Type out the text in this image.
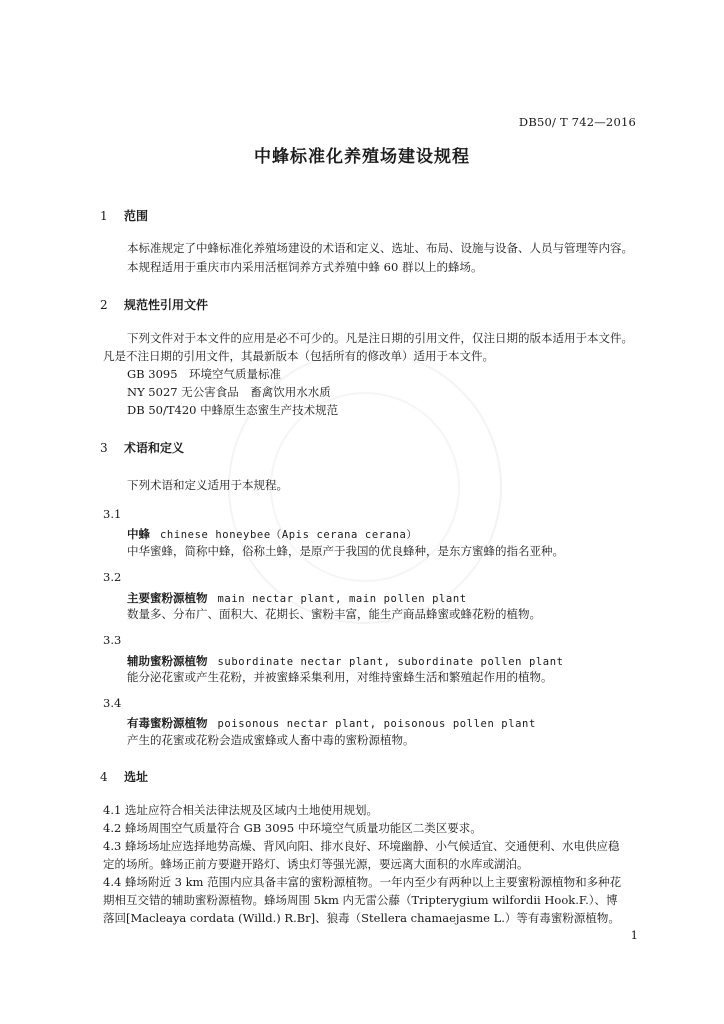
DB50/ T 742—2016
中蜂标准化养殖场建设规程
1 范围
本标准规定了中蜂标准化养殖场建设的术语和定义、选址、布局、设施与设备、人员与管理等内容。
本规程适用于重庆市内采用活框饲养方式养殖中蜂 60 群以上的蜂场。
2 规范性引用文件
下列文件对于本文件的应用是必不可少的。凡是注日期的引用文件，仅注日期的版本适用于本文件。
凡是不注日期的引用文件，其最新版本（包括所有的修改单）适用于本文件。
GB 3095　环境空气质量标准
NY 5027 无公害食品　畜禽饮用水水质
DB 50/T420 中蜂原生态蜜生产技术规范
3 术语和定义
下列术语和定义适用于本规程。
3.1
中蜂 chinese honeybee（Apis cerana cerana）
中华蜜蜂，简称中蜂，俗称土蜂，是原产于我国的优良蜂种，是东方蜜蜂的指名亚种。
3.2
主要蜜粉源植物 main nectar plant, main pollen plant
数量多、分布广、面积大、花期长、蜜粉丰富，能生产商品蜂蜜或蜂花粉的植物。
3.3
辅助蜜粉源植物 subordinate nectar plant, subordinate pollen plant
能分泌花蜜或产生花粉，并被蜜蜂采集利用，对维持蜜蜂生活和繁殖起作用的植物。
3.4
有毒蜜粉源植物 poisonous nectar plant, poisonous pollen plant
产生的花蜜或花粉会造成蜜蜂或人畜中毒的蜜粉源植物。
4 选址
4.1 选址应符合相关法律法规及区域内土地使用规划。
4.2 蜂场周围空气质量符合 GB 3095 中环境空气质量功能区二类区要求。
4.3 蜂场场址应选择地势高燥、背风向阳、排水良好、环境幽静、小气候适宜、交通便利、水电供应稳
定的场所。蜂场正前方要避开路灯、诱虫灯等强光源，要远离大面积的水库或湖泊。
4.4 蜂场附近 3 km 范围内应具备丰富的蜜粉源植物。一年内至少有两种以上主要蜜粉源植物和多种花
期相互交错的辅助蜜粉源植物。蜂场周围 5km 内无雷公藤（Tripterygium wilfordii Hook.F.）、博
落回[Macleaya cordata (Willd.) R.Br]、狼毒（Stellera chamaejasme L.）等有毒蜜粉源植物。
1
